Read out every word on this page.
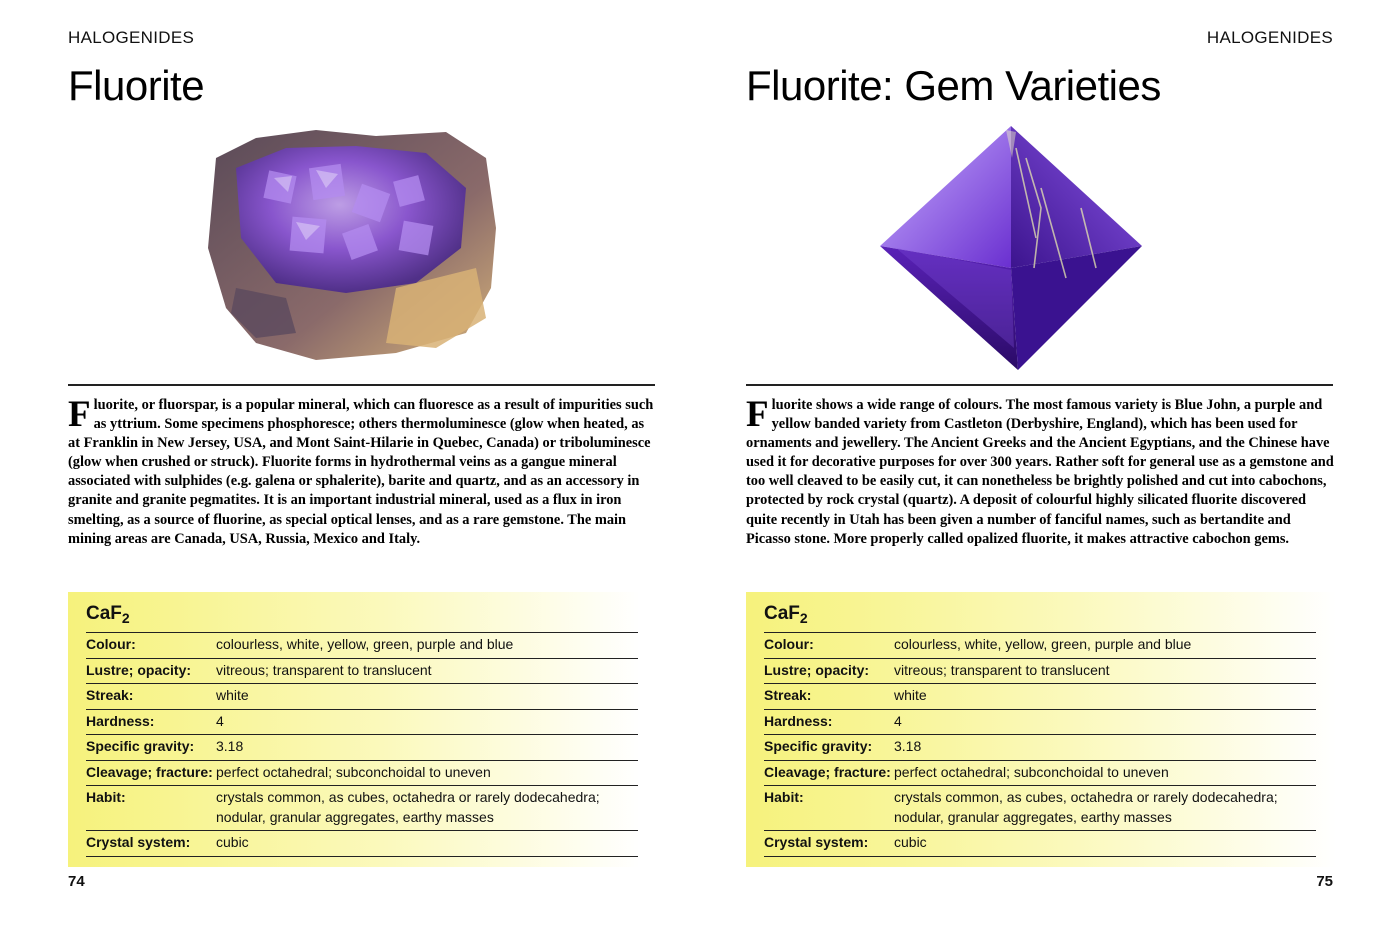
HALOGENIDES
Fluorite

Fluorite, or fluorspar, is a popular mineral, which can fluoresce as a result of impurities such as yttrium. Some specimens phosphoresce; others thermoluminesce (glow when heated, as at Franklin in New Jersey, USA, and Mont Saint-Hilarie in Quebec, Canada) or triboluminesce (glow when crushed or struck). Fluorite forms in hydrothermal veins as a gangue mineral associated with sulphides (e.g. galena or sphalerite), barite and quartz, and as an accessory in granite and granite pegmatites. It is an important industrial mineral, used as a flux in iron smelting, as a source of fluorine, as special optical lenses, and as a rare gemstone. The main mining areas are Canada, USA, Russia, Mexico and Italy.

CaF$_2$
Colour:	colourless, white, yellow, green, purple and blue
Lustre; opacity:	vitreous; transparent to translucent
Streak:	white
Hardness:	4
Specific gravity:	3.18
Cleavage; fracture: perfect octahedral; subconchoidal to uneven
Habit:	crystals common, as cubes, octahedra or rarely dodecahedra; nodular, granular aggregates, earthy masses
Crystal system:	cubic
74
HALOGENIDES
Fluorite: Gem Varieties

Fluorite shows a wide range of colours. The most famous variety is Blue John, a purple and yellow banded variety from Castleton (Derbyshire, England), which has been used for ornaments and jewellery. The Ancient Greeks and the Ancient Egyptians, and the Chinese have used it for decorative purposes for over 300 years. Rather soft for general use as a gemstone and too well cleaved to be easily cut, it can nonetheless be brightly polished and cut into cabochons, protected by rock crystal (quartz). A deposit of colourful highly silicated fluorite discovered quite recently in Utah has been given a number of fanciful names, such as bertandite and Picasso stone. More properly called opalized fluorite, it makes attractive cabochon gems.

CaF$_2$
Colour:	colourless, white, yellow, green, purple and blue
Lustre; opacity:	vitreous; transparent to translucent
Streak:	white
Hardness:	4
Specific gravity:	3.18
Cleavage; fracture: perfect octahedral; subconchoidal to uneven
Habit:	crystals common, as cubes, octahedra or rarely dodecahedra; nodular, granular aggregates, earthy masses
Crystal system:	cubic
75
